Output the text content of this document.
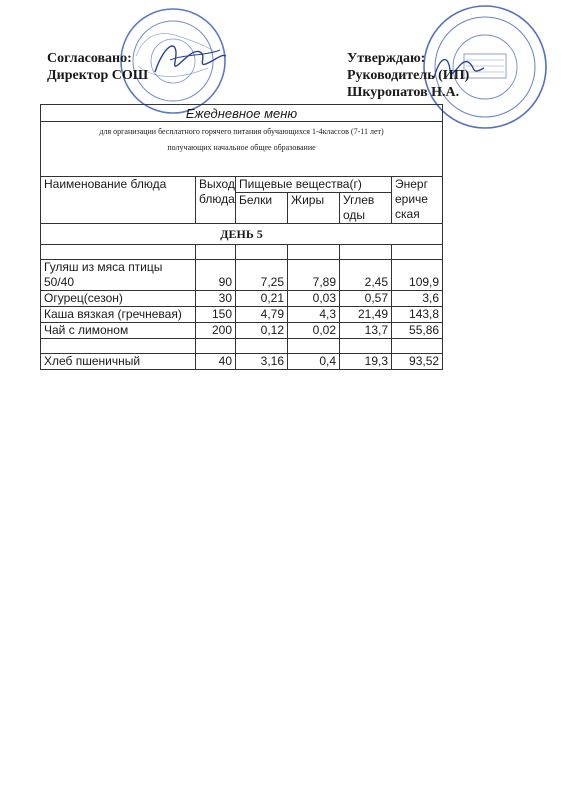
Согласовано:
Директор СОШ
Утверждаю:
Руководитель (ИП)
Шкуропатов Н.А.
Ежедневное меню					

для организации бесплатного горячего питания обучающихся 1-4классов (7-11 лет)
получающих начальное общее образование					

Наименование блюда	Выход блюда	Пищевые вещества(г)			Энерг ериче ская
		Белки	Жиры	Углев оды	
ДЕНЬ 5					

Гуляш из мяса птицы 50/40	90	7,25	7,89	2,45	109,9
Огурец(сезон)	30	0,21	0,03	0,57	3,6
Каша вязкая (гречневая)	150	4,79	4,3	21,49	143,8
Чай с лимоном	200	0,12	0,02	13,7	55,86

Хлеб пшеничный	40	3,16	0,4	19,3	93,52
